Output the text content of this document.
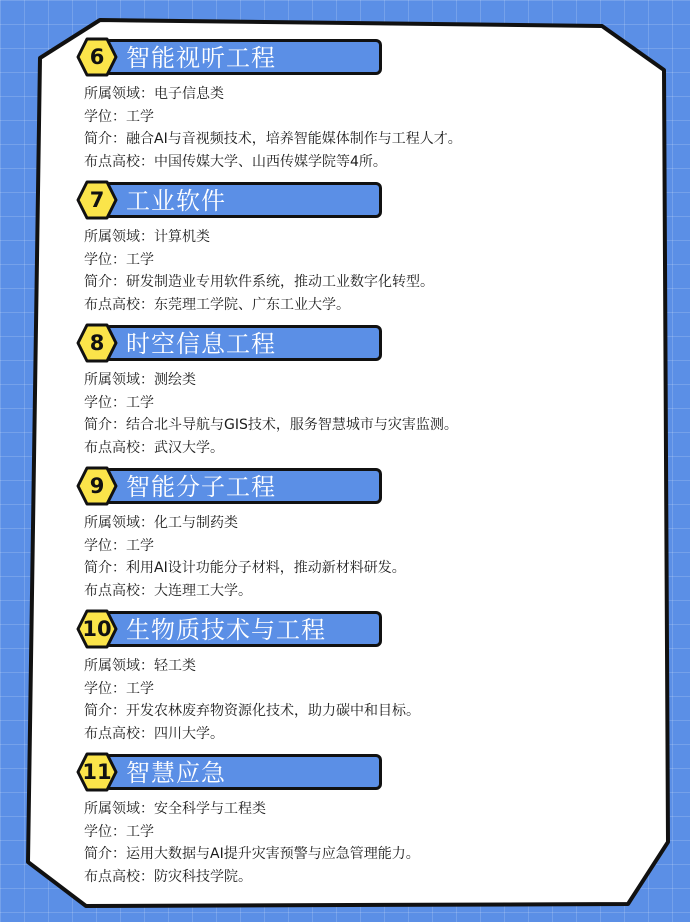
智能视听工程
6
所属领域：电子信息类
学位：工学
简介：融合AI与音视频技术，培养智能媒体制作与工程人才。
布点高校：中国传媒大学、山西传媒学院等4所。
工业软件
7
所属领域：计算机类
学位：工学
简介：研发制造业专用软件系统，推动工业数字化转型。
布点高校：东莞理工学院、广东工业大学。
时空信息工程
8
所属领域：测绘类
学位：工学
简介：结合北斗导航与GIS技术，服务智慧城市与灾害监测。
布点高校：武汉大学。
智能分子工程
9
所属领域：化工与制药类
学位：工学
简介：利用AI设计功能分子材料，推动新材料研发。
布点高校：大连理工大学。
生物质技术与工程
10
所属领域：轻工类
学位：工学
简介：开发农林废弃物资源化技术，助力碳中和目标。
布点高校：四川大学。
智慧应急
11
所属领域：安全科学与工程类
学位：工学
简介：运用大数据与AI提升灾害预警与应急管理能力。
布点高校：防灾科技学院。
